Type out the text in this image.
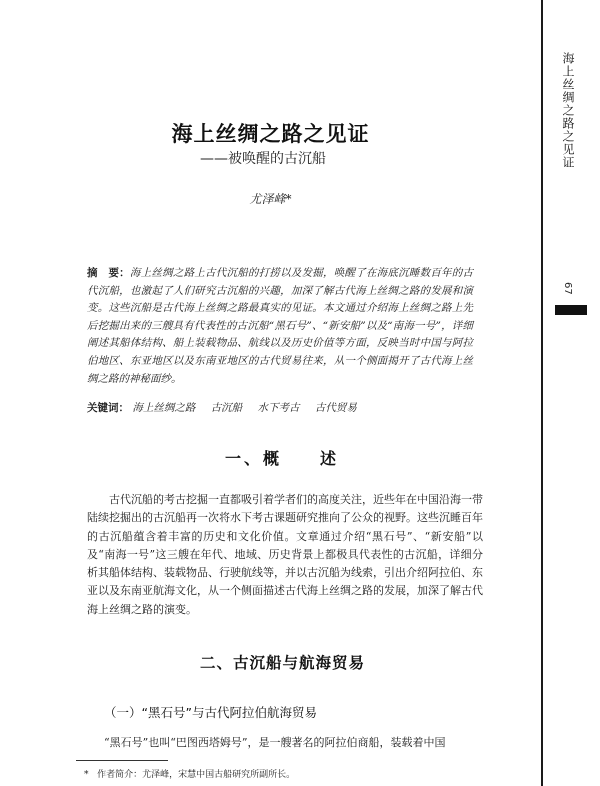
海上丝绸之路之见证
67
海上丝绸之路之见证
——被唤醒的古沉船
尤泽峰*
摘　要：海上丝绸之路上古代沉船的打捞以及发掘，唤醒了在海底沉睡数百年的古代沉船，也激起了人们研究古沉船的兴趣，加深了解古代海上丝绸之路的发展和演变。这些沉船是古代海上丝绸之路最真实的见证。本文通过介绍海上丝绸之路上先后挖掘出来的三艘具有代表性的古沉船“黑石号”、“新安船”以及“南海一号”，详细阐述其船体结构、船上装载物品、航线以及历史价值等方面，反映当时中国与阿拉伯地区、东亚地区以及东南亚地区的古代贸易往来，从一个侧面揭开了古代海上丝绸之路的神秘面纱。
关键词： 海上丝绸之路 古沉船 水下考古 古代贸易
一、概　　述
古代沉船的考古挖掘一直都吸引着学者们的高度关注，近些年在中国沿海一带陆续挖掘出的古沉船再一次将水下考古课题研究推向了公众的视野。这些沉睡百年的古沉船蕴含着丰富的历史和文化价值。文章通过介绍“黑石号”、“新安船”以及“南海一号”这三艘在年代、地域、历史背景上都极具代表性的古沉船，详细分析其船体结构、装载物品、行驶航线等，并以古沉船为线索，引出介绍阿拉伯、东亚以及东南亚航海文化，从一个侧面描述古代海上丝绸之路的发展，加深了解古代海上丝绸之路的演变。
二、古沉船与航海贸易
（一）“黑石号”与古代阿拉伯航海贸易
“黑石号”也叫“巴图西塔姆号”，是一艘著名的阿拉伯商船，装载着中国
* 作者简介：尤泽峰，宋慧中国古船研究所副所长。
